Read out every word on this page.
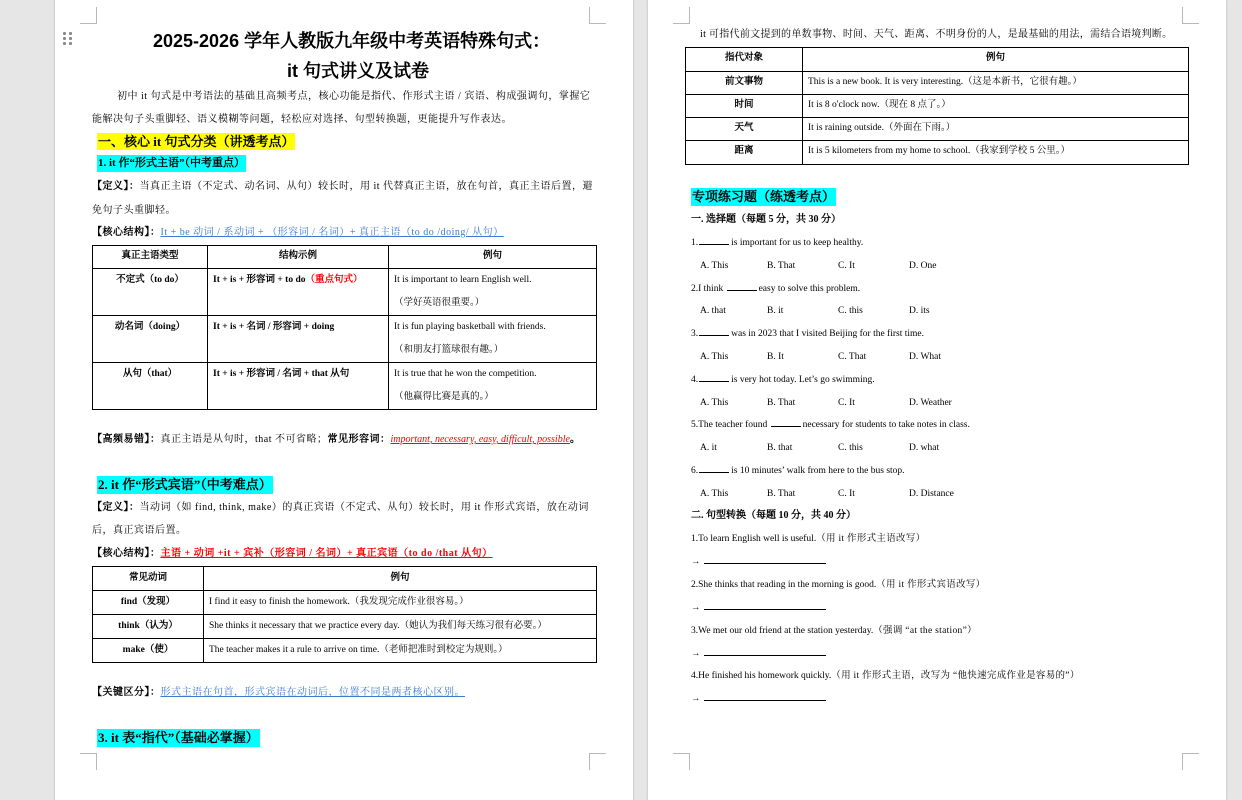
2025-2026 学年人教版九年级中考英语特殊句式：
it 句式讲义及试卷
初中 it 句式是中考语法的基础且高频考点，核心功能是指代、作形式主语 / 宾语、构成强调句，掌握它
能解决句子头重脚轻、语义模糊等问题，轻松应对选择、句型转换题，更能提升写作表达。
一、核心 it 句式分类（讲透考点）
1. it 作“形式主语”（中考重点）
【定义】：当真正主语（不定式、动名词、从句）较长时，用 it 代替真正主语，放在句首，真正主语后置，避
免句子头重脚轻。
【核心结构】：It + be 动词 / 系动词 + （形容词 / 名词）+ 真正主语（to do /doing/ 从句）
真正主语类型	结构示例	例句
不定式（to do）	It + is + 形容词 + to do（重点句式）	It is important to learn English well.
（学好英语很重要。）

动名词（doing）	It + is + 名词 / 形容词 + doing	It is fun playing basketball with friends.
（和朋友打篮球很有趣。）

从句（that）	It + is + 形容词 / 名词 + that 从句	It is true that he won the competition.
（他赢得比赛是真的。）
【高频易错】：真正主语是从句时，that 不可省略；常见形容词：important, necessary, easy, difficult, possible。
2. it 作“形式宾语”（中考难点）
【定义】：当动词（如 find, think, make）的真正宾语（不定式、从句）较长时，用 it 作形式宾语，放在动词
后，真正宾语后置。
【核心结构】：主语 + 动词 +it + 宾补（形容词 / 名词）+ 真正宾语（to do /that 从句）
常见动词	例句
find（发现）	I find it easy to finish the homework.（我发现完成作业很容易。）
think（认为）	She thinks it necessary that we practice every day.（她认为我们每天练习很有必要。）
make（使）	The teacher makes it a rule to arrive on time.（老师把准时到校定为规则。）
【关键区分】：形式主语在句首，形式宾语在动词后，位置不同是两者核心区别。
3. it 表“指代”（基础必掌握）
it 可指代前文提到的单数事物、时间、天气、距离、不明身份的人，是最基础的用法，需结合语境判断。
指代对象	例句
前文事物	This is a new book. It is very interesting.（这是本新书，它很有趣。）
时间	It is 8 o'clock now.（现在 8 点了。）
天气	It is raining outside.（外面在下雨。）
距离	It is 5 kilometers from my home to school.（我家到学校 5 公里。）
专项练习题（练透考点）
一. 选择题（每题 5 分，共 30 分）
1.	is important for us to keep healthy.
A. This	B. That	C. It	D. One
2.I think	easy to solve this problem.
A. that	B. it	C. this	D. its
3.	was in 2023 that I visited Beijing for the first time.
A. This	B. It	C. That	D. What
4.	is very hot today. Let’s go swimming.
A. This	B. That	C. It	D. Weather
5.The teacher found	necessary for students to take notes in class.
A. it	B. that	C. this	D. what
6.	is 10 minutes’ walk from here to the bus stop.
A. This	B. That	C. It	D. Distance
二. 句型转换（每题 10 分，共 40 分）
1.To learn English well is useful.（用 it 作形式主语改写）
→
2.She thinks that reading in the morning is good.（用 it 作形式宾语改写）
→
3.We met our old friend at the station yesterday.（强调 “at the station”）
→
4.He finished his homework quickly.（用 it 作形式主语，改写为 “他快速完成作业是容易的”）
→
